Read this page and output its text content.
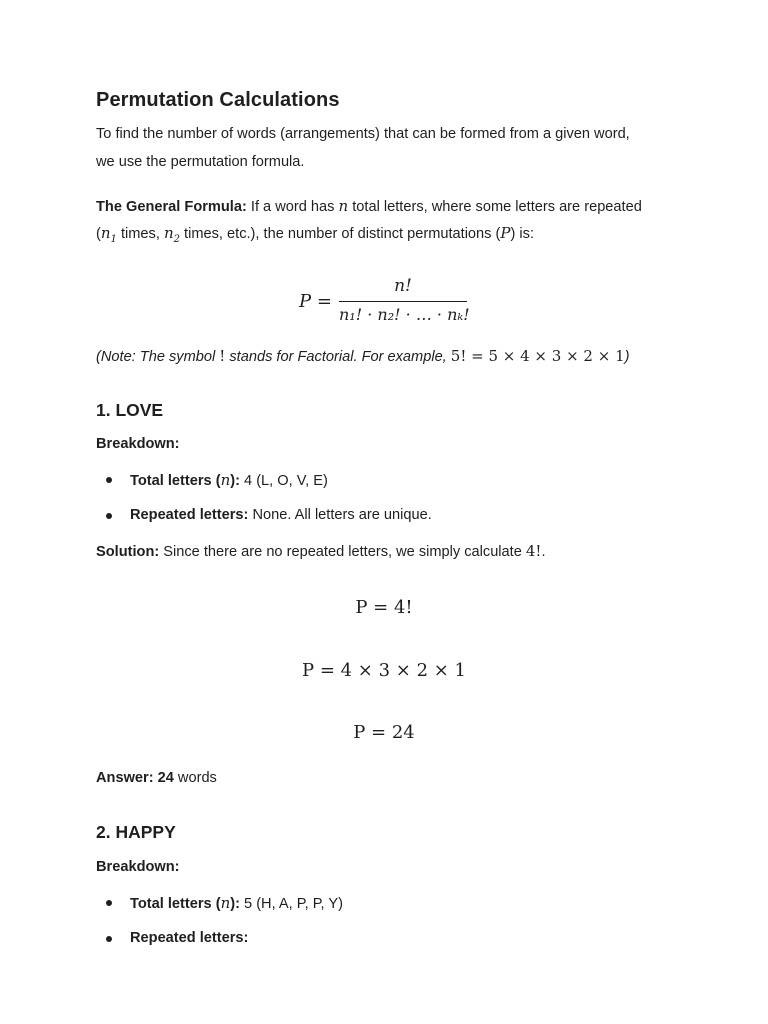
Permutation Calculations
To find the number of words (arrangements) that can be formed from a given word,
we use the permutation formula.
The General Formula: If a word has n total letters, where some letters are repeated
($n_1$ times, $n_2$ times, etc.), the number of distinct permutations (P) is:
P =
n!
n₁! · n₂! · … · nₖ!
(Note: The symbol ! stands for Factorial. For example, 5! = 5 × 4 × 3 × 2 × 1)
1. LOVE
Breakdown:
Total letters (n): 4 (L, O, V, E)
Repeated letters: None. All letters are unique.
Solution: Since there are no repeated letters, we simply calculate 4!.
P = 4!
P = 4 × 3 × 2 × 1
P = 24
Answer: 24 words
2. HAPPY
Breakdown:
Total letters (n): 5 (H, A, P, P, Y)
Repeated letters:
